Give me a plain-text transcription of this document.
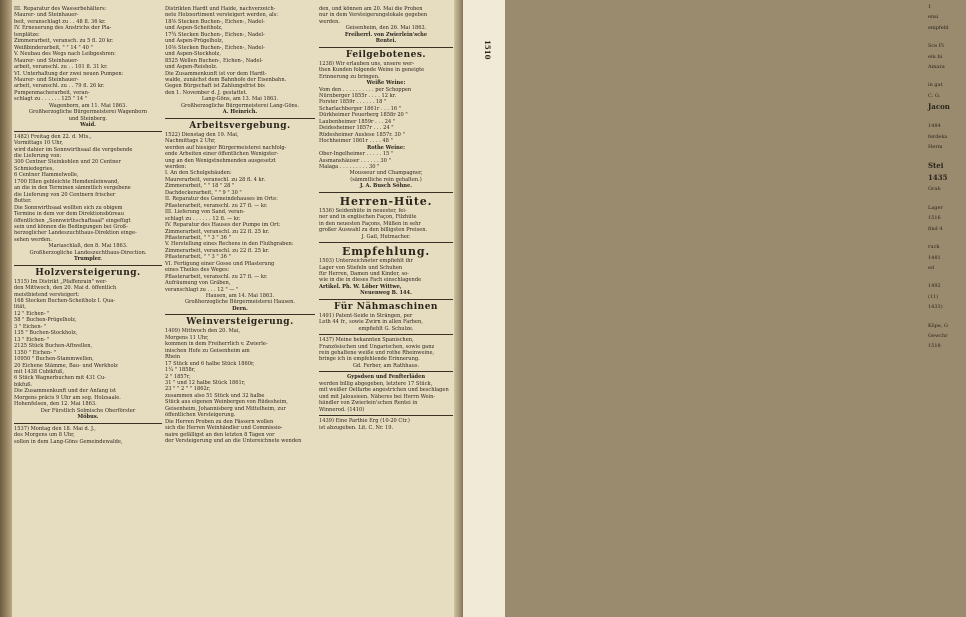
III. Reparatur des Wasserbehälters:
Maurer- und Steinhauer-
beit, veranschlagt zu . . 48 fl. 36 kr.
IV. Erneuerung des Anstrichs der Pla-
tenplätze:
Zimmerarbeit, veransch. zu 5 fl. 20 kr.
Weißbinderarbeit, " " 14 " 40 "
V. Neubau des Wegs nach Leibgeshren:
Maurer- und Steinhauer-
arbeit, veranschl. zu . . 101 fl. 31 kr.
VI. Unterhaltung der zwei neuen Pumpen:
Maurer- und Steinhauer-
arbeit, veranschl. zu . . 79 fl. 26 kr.
Pumpenmacherarbeit, veran-
schlagt zu . . . . . . 125 " 14 "
Wagenborn, am 11. Mai 1863.
Großherzogliche Bürgermeisterei Wagenborn
und Steinberg.
Waid.
1482) Freitag den 22. d. Mts.,
Vormittags 10 Uhr,
wird dahier im Sonnwirthsaal die vergebende
die Lieferung von:
300 Centner Steinkohlen und 20 Centner
Schmiedegries,
6 Centner Hammelwolle,
1700 Ellen gebleichte Hemdenleinwand,
an die in den Terminen sämmtlich vergebene
die Lieferung von 20 Centnern frischer
Butter.
Die Sonnwirthsaal wollten sich zu obigem
Termine in dem vor dem Direktionsbüreau
öffentlichen „Sonnwirthschaftsaal" eingefügt
sein und können die Bedingungen bei Groß-
herzoglicher Landeszuchthaus-Direktion einge-
sehen werden.
Mariaschlaß, den 8. Mai 1863.
Großherzogliche Landeszuchthaus-Direction.
Trumpler.
Holzversteigerung.
1515) Im Distrikt „Pfaffenrain" wer-
den Mittwoch, den 20. Mai d. öffentlich
meistbietend versteigert:
168 Stecken Buchen-Scheitholz I. Qua-
lität,
12 " Eichen- "
58 " Buchen-Prügelholz,
3 " Eichen- "
135 " Buchen-Stockholz,
13 " Eichen- "
2125 Stück Buchen-Aftwellen,
1350 " Eichen- "
10950 " Buchen-Stammwellen,
20 Eichene Stämme, Bau- und Werkholz
mit 1438 Cubikfuß,
6 Stück Wagnerbuchen mit 431 Cu-
bikfuß.
Die Zusammenkunft und der Anfang ist
Morgens präcis 9 Uhr am sog. Holzsaale.
Hohenfelsen, den 12. Mai 1863.
Der Fürstlich Solmische Oberförster
Möbus.
1537) Montag den 18. Mai d. J.,
des Morgens um 8 Uhr,
sollen in dem Lang-Göns Gemeindewalde,
Distrikten Hardt und Haide, nachverzeich-
nete Holzsortiment versteigert werden, als:
18⅜ Stecken Buchen-, Eichen-, Nadel-
und Aspen-Scheitholz,
17¾ Stecken Buchen-, Eichen-, Nadel-
und Aspen-Prügelholz,
10⅜ Stecken Buchen-, Eichen-, Nadel-
und Aspen-Stockholz,
8525 Wellen Buchen-, Eichen-, Nadel-
und Aspen-Reisholz.
Die Zusammenkunft ist vor dem Hardt-
walde, zunächst dem Bahnhofe der Eisenbahn.
Gegen Bürgschaft ist Zahlungsfrist bis
den 1. November d. J. gestattet.
Lang-Göns, am 13. Mai 1863.
Großherzogliche Bürgermeisterei Lang-Göns.
A. Heinrich.
Arbeitsvergebung.
1522) Dienstag den 19. Mai,
Nachmittags 2 Uhr,
werden auf hiesiger Bürgermeisterei nachfolg-
ende Arbeiten einer öffentlichen Wenigster-
ung an den Wenigstnehmenden ausgesetzt
werden:
I. An den Schulgebäuden:
Maurerarbeit, veranschl. zu 28 fl. 4 kr.
Zimmerarbeit, " " 18 " 28 "
Dachdeckerarbeit, " " 9 " 30 "
II. Reparatur des Gemeindehauses im Orte:
Pflasterarbeit, veranschl. zu 27 fl. — kr.
III. Lieferung von Sand, veran-
schlagt zu . . . . . . 12 fl. — kr.
IV. Reparatur des Hauses der Pumpe im Ort:
Zimmerarbeit, veranschl. zu 22 fl. 25 kr.
Pflasterarbeit, " " 3 " 36 "
V. Herstellung eines Rechens in den Fluthgraben:
Zimmerarbeit, veranschl. zu 22 fl. 25 kr.
Pflasterarbeit, " " 3 " 36 "
VI. Fertigung einer Gosse und Pflasterung
eines Theiles des Weges:
Pflasterarbeit, veranschl. zu 27 fl. — kr.
Aufräumung von Gräben,
veranschlagt zu . . . 12 " — "
Hausen, am 14. Mai 1863.
Großherzogliche Bürgermeisterei Hausen.
Dern.
Weinversteigerung.
1409) Mittwoch den 20. Mai,
Morgens 11 Uhr,
kommen in dem Freiherrlich v. Zwierle-
inischen Hofe zu Geisenheim am
Rhein
17 Stück und 6 halbe Stück 1860r,
1¼ " 1858r,
2 " 1857r,
31 " und 12 halbe Stück 1861r,
23 " " 2 " " 1862r,
zusammen also 51 Stück und 32 halbe
Stück aus eigenen Weinbergen von Rüdesheim,
Geisenheim, Johannisberg und Mittelheim, zur
öffentlichen Versteigerung.
Die Herren Proben zu den Fässern wollen
sich die Herren Weinhändler und Commissio-
naire gefälligst an den letzten 8 Tagen vor
der Versteigerung und an die Untereichnete wenden
den, und können am 20. Mai die Proben
nur in dem Versteigerungslokale gegeben
werden.
Geisenheim, den 26. Mai 1863.
Freiherrl. von Zwierlein'sche
Rentei.
Feilgebotenes.
1238) Wir erlauben uns, unsere wer-
then Kunden folgende Weine in geneigte
Erinnerung zu bringen.
Weiße Weine:
Vom den . . . . . . . . . . per Schoppen
Nürnberger 1855r . . . . 12 kr.
Forster 1859r . . . . . . 18 "
Scharlachberger 1861r . . . 16 "
Dürkheimer Feuerberg 1858r 20 "
Laubenheimer 1859r . . . 24 "
Deidesheimer 1857r . . . 24 "
Rüdesheimer Auslese 1857r. 30 "
Hochheimer 1861r . . . . 48 "
Rothe Weine:
Ober-Ingelheimer . . . . . 15 "
Assmanshäuser . . . . . . 30 "
Malaga . . . . . . . . . 30 "
Mousseur und Champagner,
(sämmtliche rein gehalten.)
J. A. Busch Söhne.
Herren-Hüte.
1536) Seidenhüte in neuester, fei-
ner und in englischen Façon, Filzhüte
in den neuesten Façons, Müßen in sehr
großer Auswahl zu den billigsten Preisen.
J. Gail, Hutmacher.
Empfehlung.
1503) Unterzeichneter empfiehlt ihr
Lager von Stiefeln und Schuhen
für Herren, Damen und Kinder, so-
wie in die in dieses Fach einschlagende
Artikel. Ph. W. Löber Wittwe,
Neuenweg B. 144.
Für Nähmaschinen
1491) Patent-Seide in Strängen, per
Loth 44 fr., sowie Zwirn in allen Farben,
empfiehlt G. Schulze.
1437) Meine bekannten Spanischen,
Französischen und Ungarischen, sowie ganz
rein gehaltene weiße und rothe Rheinweine,
bringe ich in empfehlende Erinnerung.
Gd. Ferber, am Rathhaus.
Gypsdsen und Fenfterläden
werden billig abgegeben, letztere 17 Stück,
mit weißer Oelfarbe angestrichen und beschlagen
und mit Jalousieen. Näheres bei Herrn Wein-
händler von Zwierlein'schen Rentei in
Winnerod. (1410)
1439) Eine Parthie Erg (10-20 Ctr.)
ist abzugeben. Lit. C. Nr. 19.
1
ensi
empfehl
Sce Fl
ein bi
Amara
in gat
C. G.
Jacon
1484
ferdeka
Herm
Stei
1435
Grab
Lager
1516
find 4
ruch
1481
ed
1492
(11)
1433)
Köpe, G
Gewchr
1518
1510
